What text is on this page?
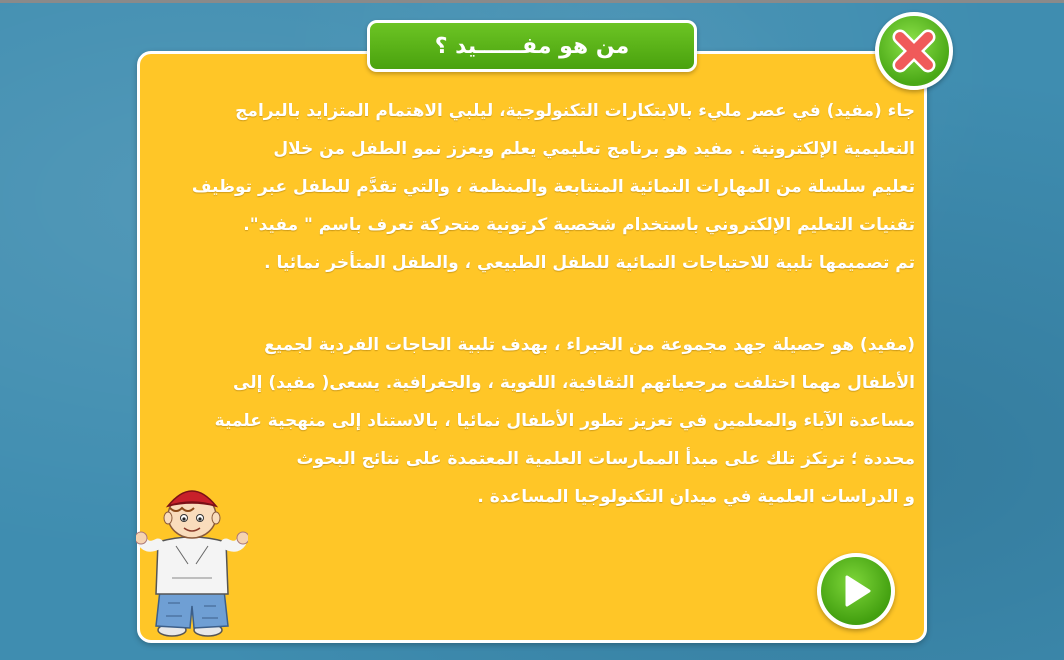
من هو مفــــــيد ؟
جاء (مفيد) في عصر مليء بالابتكارات التكنولوجية، ليلبي الاهتمام المتزايد بالبرامج
التعليمية الإلكترونية . مفيد هو برنامج تعليمي يعلم ويعزز نمو الطفل من خلال
تعليم سلسلة من المهارات النمائية المتتابعة والمنظمة ، والتي تقدَّم للطفل عبر توظيف
تقنيات التعليم الإلكتروني باستخدام شخصية كرتونية متحركة تعرف باسم " مفيد".
تم تصميمها تلبية للاحتياجات النمائية للطفل الطبيعي ، والطفل المتأخر نمائيا .
(مفيد) هو حصيلة جهد مجموعة من الخبراء ، بهدف تلبية الحاجات الفردية لجميع
الأطفال مهما اختلفت مرجعياتهم الثقافية، اللغوية ، والجغرافية. يسعى( مفيد) إلى
مساعدة الآباء والمعلمين في تعزيز تطور الأطفال نمائيا ، بالاستناد إلى منهجية علمية
محددة ؛ ترتكز تلك على مبدأ الممارسات العلمية المعتمدة على نتائج البحوث
و الدراسات العلمية في ميدان التكنولوجيا المساعدة .
